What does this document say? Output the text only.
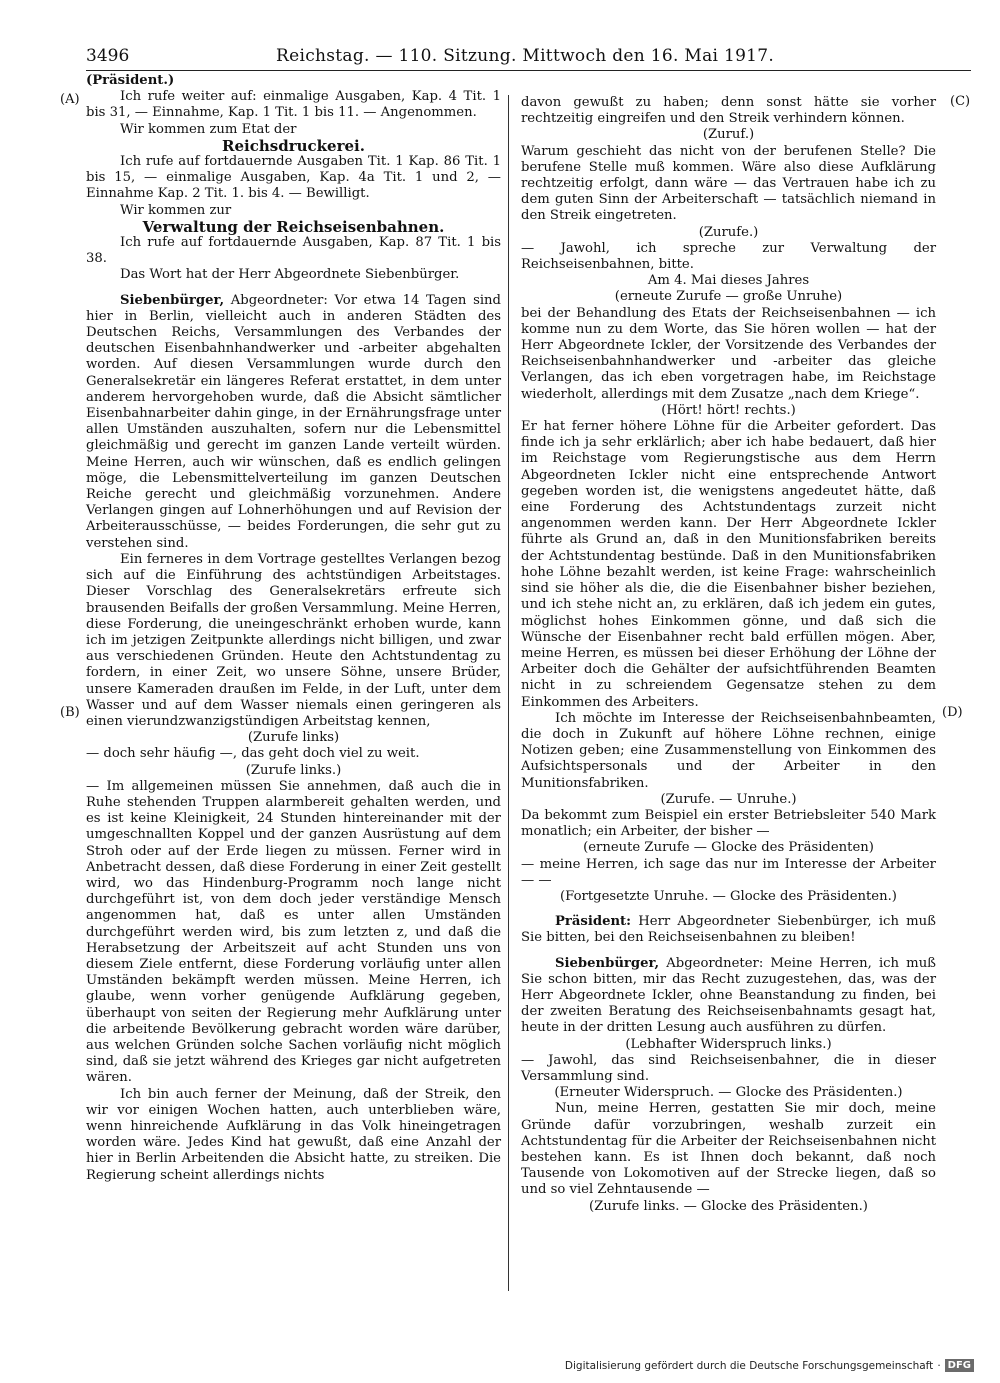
3496	Reichstag. — 110. Sitzung. Mittwoch den 16. Mai 1917.
(A)
(B)
(C)
(D)

(Präsident.)

Ich rufe weiter auf: einmalige Ausgaben, Kap. 4 Tit. 1 bis 31, — Einnahme, Kap. 1 Tit. 1 bis 11. — Angenommen.

Wir kommen zum Etat der

Reichsdruckerei.

Ich rufe auf fortdauernde Ausgaben Tit. 1 Kap. 86 Tit. 1 bis 15, — einmalige Ausgaben, Kap. 4a Tit. 1 und 2, — Einnahme Kap. 2 Tit. 1. bis 4. — Bewilligt.

Wir kommen zur

Verwaltung der Reichseisenbahnen.

Ich rufe auf fortdauernde Ausgaben, Kap. 87 Tit. 1 bis 38.

Das Wort hat der Herr Abgeordnete Siebenbürger.

Siebenbürger, Abgeordneter: Vor etwa 14 Tagen sind hier in Berlin, vielleicht auch in anderen Städten des Deutschen Reichs, Versammlungen des Verbandes der deutschen Eisenbahnhandwerker und -arbeiter abgehalten worden. Auf diesen Versammlungen wurde durch den Generalsekretär ein längeres Referat erstattet, in dem unter anderem hervorgehoben wurde, daß die Absicht sämtlicher Eisenbahnarbeiter dahin ginge, in der Ernährungsfrage unter allen Umständen auszuhalten, sofern nur die Lebensmittel gleichmäßig und gerecht im ganzen Lande verteilt würden. Meine Herren, auch wir wünschen, daß es endlich gelingen möge, die Lebensmittelverteilung im ganzen Deutschen Reiche gerecht und gleichmäßig vorzunehmen. Andere Verlangen gingen auf Lohnerhöhungen und auf Revision der Arbeiterausschüsse, — beides Forderungen, die sehr gut zu verstehen sind.

Ein ferneres in dem Vortrage gestelltes Verlangen bezog sich auf die Einführung des achtstündigen Arbeitstages. Dieser Vorschlag des Generalsekretärs erfreute sich brausenden Beifalls der großen Versammlung. Meine Herren, diese Forderung, die uneingeschränkt erhoben wurde, kann ich im jetzigen Zeitpunkte allerdings nicht billigen, und zwar aus verschiedenen Gründen. Heute den Achtstundentag zu fordern, in einer Zeit, wo unsere Söhne, unsere Brüder, unsere Kameraden draußen im Felde, in der Luft, unter dem Wasser und auf dem Wasser niemals einen geringeren als einen vierundzwanzigstündigen Arbeitstag kennen,

(Zurufe links)

— doch sehr häufig —, das geht doch viel zu weit.

(Zurufe links.)

— Im allgemeinen müssen Sie annehmen, daß auch die in Ruhe stehenden Truppen alarmbereit gehalten werden, und es ist keine Kleinigkeit, 24 Stunden hintereinander mit der umgeschnallten Koppel und der ganzen Ausrüstung auf dem Stroh oder auf der Erde liegen zu müssen. Ferner wird in Anbetracht dessen, daß diese Forderung in einer Zeit gestellt wird, wo das Hindenburg-Programm noch lange nicht durchgeführt ist, von dem doch jeder verständige Mensch angenommen hat, daß es unter allen Umständen durchgeführt werden wird, bis zum letzten z, und daß die Herabsetzung der Arbeitszeit auf acht Stunden uns von diesem Ziele entfernt, diese Forderung vorläufig unter allen Umständen bekämpft werden müssen. Meine Herren, ich glaube, wenn vorher genügende Aufklärung gegeben, überhaupt von seiten der Regierung mehr Aufklärung unter die arbeitende Bevölkerung gebracht worden wäre darüber, aus welchen Gründen solche Sachen vorläufig nicht möglich sind, daß sie jetzt während des Krieges gar nicht aufgetreten wären.

Ich bin auch ferner der Meinung, daß der Streik, den wir vor einigen Wochen hatten, auch unterblieben wäre, wenn hinreichende Aufklärung in das Volk hineingetragen worden wäre. Jedes Kind hat gewußt, daß eine Anzahl der hier in Berlin Arbeitenden die Absicht hatte, zu streiken. Die Regierung scheint allerdings nichts

davon gewußt zu haben; denn sonst hätte sie vorher rechtzeitig eingreifen und den Streik verhindern können.

(Zuruf.)

Warum geschieht das nicht von der berufenen Stelle? Die berufene Stelle muß kommen. Wäre also diese Aufklärung rechtzeitig erfolgt, dann wäre — das Vertrauen habe ich zu dem guten Sinn der Arbeiterschaft — tatsächlich niemand in den Streik eingetreten.

(Zurufe.)

— Jawohl, ich spreche zur Verwaltung der Reichseisenbahnen, bitte.

Am 4. Mai dieses Jahres

(erneute Zurufe — große Unruhe)

bei der Behandlung des Etats der Reichseisenbahnen — ich komme nun zu dem Worte, das Sie hören wollen — hat der Herr Abgeordnete Ickler, der Vorsitzende des Verbandes der Reichseisenbahnhandwerker und -arbeiter das gleiche Verlangen, das ich eben vorgetragen habe, im Reichstage wiederholt, allerdings mit dem Zusatze „nach dem Kriege“.

(Hört! hört! rechts.)

Er hat ferner höhere Löhne für die Arbeiter gefordert. Das finde ich ja sehr erklärlich; aber ich habe bedauert, daß hier im Reichstage vom Regierungstische aus dem Herrn Abgeordneten Ickler nicht eine entsprechende Antwort gegeben worden ist, die wenigstens angedeutet hätte, daß eine Forderung des Achtstundentags zurzeit nicht angenommen werden kann. Der Herr Abgeordnete Ickler führte als Grund an, daß in den Munitionsfabriken bereits der Achtstundentag bestünde. Daß in den Munitionsfabriken hohe Löhne bezahlt werden, ist keine Frage: wahrscheinlich sind sie höher als die, die die Eisenbahner bisher beziehen, und ich stehe nicht an, zu erklären, daß ich jedem ein gutes, möglichst hohes Einkommen gönne, und daß sich die Wünsche der Eisenbahner recht bald erfüllen mögen. Aber, meine Herren, es müssen bei dieser Erhöhung der Löhne der Arbeiter doch die Gehälter der aufsichtführenden Beamten nicht in zu schreiendem Gegensatze stehen zu dem Einkommen des Arbeiters.

Ich möchte im Interesse der Reichseisenbahnbeamten, die doch in Zukunft auf höhere Löhne rechnen, einige Notizen geben; eine Zusammenstellung von Einkommen des Aufsichtspersonals und der Arbeiter in den Munitionsfabriken.

(Zurufe. — Unruhe.)

Da bekommt zum Beispiel ein erster Betriebsleiter 540 Mark monatlich; ein Arbeiter, der bisher —

(erneute Zurufe — Glocke des Präsidenten)

— meine Herren, ich sage das nur im Interesse der Arbeiter — —

(Fortgesetzte Unruhe. — Glocke des Präsidenten.)

Präsident: Herr Abgeordneter Siebenbürger, ich muß Sie bitten, bei den Reichseisenbahnen zu bleiben!

Siebenbürger, Abgeordneter: Meine Herren, ich muß Sie schon bitten, mir das Recht zuzugestehen, das, was der Herr Abgeordnete Ickler, ohne Beanstandung zu finden, bei der zweiten Beratung des Reichseisenbahnamts gesagt hat, heute in der dritten Lesung auch ausführen zu dürfen.

(Lebhafter Widerspruch links.)

— Jawohl, das sind Reichseisenbahner, die in dieser Versammlung sind.

(Erneuter Widerspruch. — Glocke des Präsidenten.)

Nun, meine Herren, gestatten Sie mir doch, meine Gründe dafür vorzubringen, weshalb zurzeit ein Achtstundentag für die Arbeiter der Reichseisenbahnen nicht bestehen kann. Es ist Ihnen doch bekannt, daß noch Tausende von Lokomotiven auf der Strecke liegen, daß so und so viel Zehntausende —

(Zurufe links. — Glocke des Präsidenten.)

Digitalisierung gefördert durch die Deutsche Forschungsgemeinschaft · DFG
